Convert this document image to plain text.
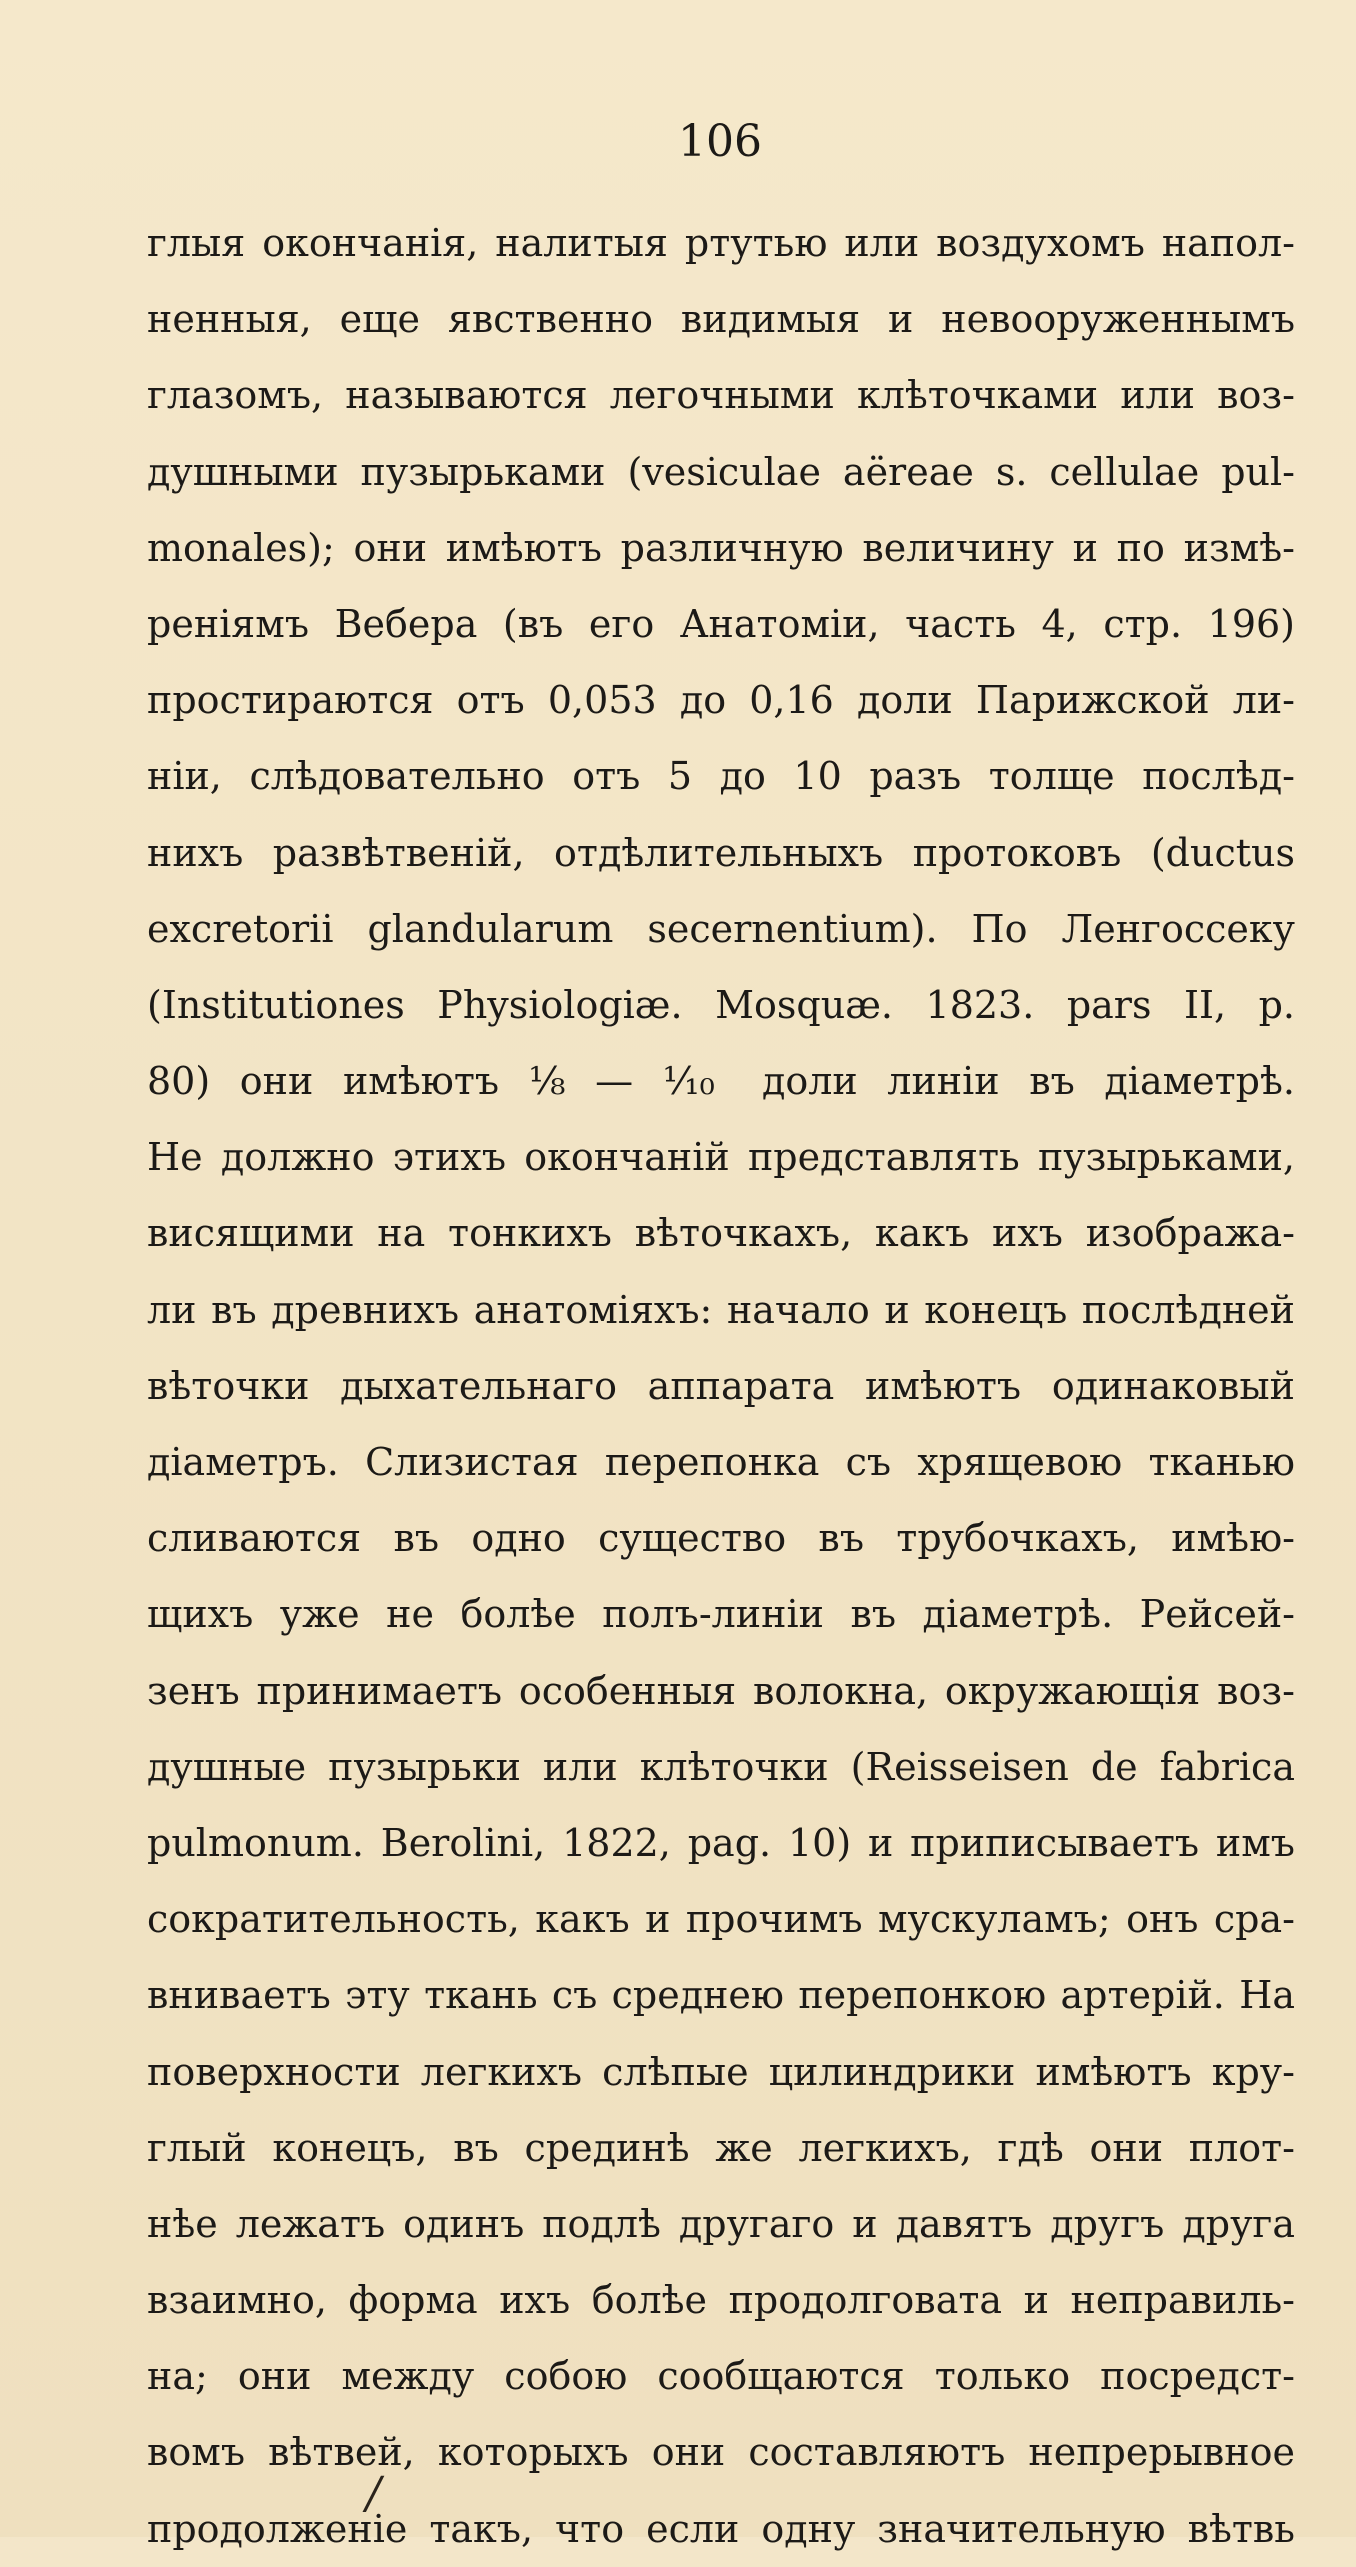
106
глыя окончанія, налитыя ртутью или воздухомъ напол-
ненныя, еще явственно видимыя и невооруженнымъ
глазомъ, называются легочными клѣточками или воз-
душными пузырьками (vesiculae aëreae s. cellulae pul-
monales); они имѣютъ различную величину и по измѣ-
реніямъ Вебера (въ его Анатоміи, часть 4, стр. 196)
простираются отъ 0,053 до 0,16 доли Парижской ли-
ніи, слѣдовательно отъ 5 до 10 разъ толще послѣд-
нихъ развѣтвеній, отдѣлительныхъ протоковъ (ductus
excretorii glandularum secernentium). По Ленгоссеку
(Institutiones Physiologiæ. Mosquæ. 1823. pars II, p.
80) они имѣютъ ⅛ — ⅒ доли линіи въ діаметрѣ.
Не должно этихъ окончаній представлять пузырьками,
висящими на тонкихъ вѣточкахъ, какъ ихъ изобража-
ли въ древнихъ анатоміяхъ: начало и конецъ послѣдней
вѣточки дыхательнаго аппарата имѣютъ одинаковый
діаметръ. Слизистая перепонка съ хрящевою тканью
сливаются въ одно существо въ трубочкахъ, имѣю-
щихъ уже не болѣе полъ-линіи въ діаметрѣ. Рейсей-
зенъ принимаетъ особенныя волокна, окружающія воз-
душные пузырьки или клѣточки (Reisseisen de fabrica
pulmonum. Berolini, 1822, pag. 10) и приписываетъ имъ
сократительность, какъ и прочимъ мускуламъ; онъ сра-
вниваетъ эту ткань съ среднею перепонкою артерій. На
поверхности легкихъ слѣпые цилиндрики имѣютъ кру-
глый конецъ, въ срединѣ же легкихъ, гдѣ они плот-
нѣе лежатъ одинъ подлѣ другаго и давятъ другъ друга
взаимно, форма ихъ болѣе продолговата и неправиль-
на; они между собою сообщаются только посредст-
вомъ вѣтвей, которыхъ они составляютъ непрерывное
продолженіе такъ, что если одну значительную вѣтвь
/
